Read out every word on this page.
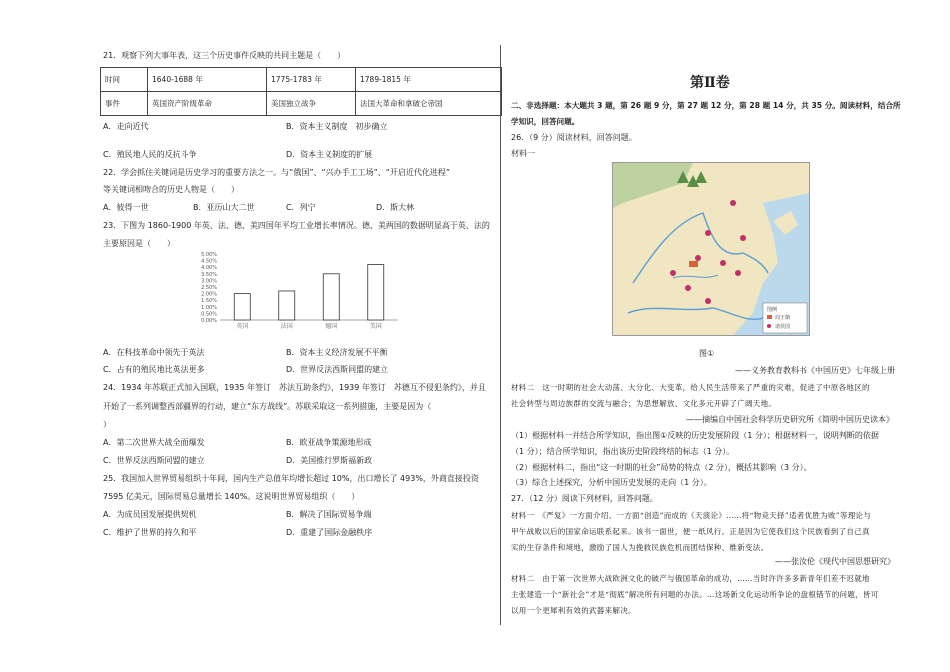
21．观察下列大事年表，这三个历史事件反映的共同主题是（　　）
时间	1640-1688 年	1775-1783 年	1789-1815 年
事件	英国资产阶级革命	美国独立战争	法国大革命和拿破仑帝国
A．走向近代	B．资本主义制度　初步确立
C．殖民地人民的反抗斗争	D．资本主义制度的扩展
22．学会抓住关键词是历史学习的重要方法之一。与“俄国”、“兴办手工工场”、“开启近代化进程”
等关键词相吻合的历史人物是（　　）
A．彼得一世	B．亚历山大二世	C．列宁	D．斯大林
23．下图为 1860-1900 年英、法、德、美四国年平均工业增长率情况。德、美两国的数据明显高于英、法的
主要原因是（　　）
5.00%
4.50%
4.00%
3.50%
3.00%
2.50%
2.00%
1.50%
1.00%
0.50%
0.00%
英国	法国	德国	美国
A．在科技革命中领先于英法	B．资本主义经济发展不平衡
C．占有的殖民地比英法更多	D．世界反法西斯同盟的建立
24．1934 年苏联正式加入国联，1935 年签订　苏法互助条约》，1939 年签订　苏德互不侵犯条约》，并且
开始了一系列调整西部疆界的行动，建立“东方战线”。苏联采取这一系列措施，主要是因为（
）
A．第二次世界大战全面爆发	B．欧亚战争策源地形成
C．世界反法西斯同盟的建立	D．美国推行罗斯福新政
25．我国加入世界贸易组织十年间，国内生产总值年均增长超过 10%，出口增长了 493%，外商直接投资
7595 亿美元，国际贸易总量增长 140%。这说明世界贸易组织（　　）
A．为成员国发展提供契机	B．解决了国际贸易争端
C．维护了世界的持久和平	D．重建了国际金融秩序
第Ⅱ卷
二、非选择题：本大题共 3 题，第 26 题 9 分，第 27 题 12 分，第 28 题 14 分，共 35 分。阅读材料，结合所
学知识，回答问题。
26．（9 分）阅读材料，回答问题。
材料一
图例
周王朝
诸侯国
图①
——义务教育教科书《中国历史》七年级上册
材料二　这一时期的社会大动荡、大分化、大变革，给人民生活带来了严重的灾难，促进了中原各地区的
社会转型与周边族群的交流与融合；为思想解放、文化多元开辟了广阔天地。
——摘编自中国社会科学历史研究所《简明中国历史读本》
（1）根据材料一并结合所学知识，指出图①反映的历史发展阶段（1 分）；根据材料一，说明判断的依据
（1 分）；结合所学知识，指出该历史阶段终结的标志（1 分）。
（2）根据材料二，指出“这一时期的社会”局势的特点（2 分），概括其影响（3 分）。
（3）综合上述探究，分析中国历史发展的走向（1 分）。
27．（12 分）阅读下列材料，回答问题。
材料一　《严复》一方面介绍、一方面“创造”而成的《天演论》……将“物竞天择”适者优胜为败”等理论与
甲午战败以后的国家命运联系起来。该书一面世，便一纸风行。正是因为它使我们这个民族看到了自己真
实的生存条件和境地，激励了国人为挽救民族危机而团结保种、维新变法。
——张汝伦《现代中国思想研究》
材料二　由于第一次世界大战欧洲文化的破产与俄国革命的成功，……当时许许多多新青年们差不迟就地
主张建造一个“新社会”才是“彻底”解决所有问题的办法。…这场新文化运动所争论的盘根错节的问题，皆可
以用一个更犀利有效的武器来解决。
